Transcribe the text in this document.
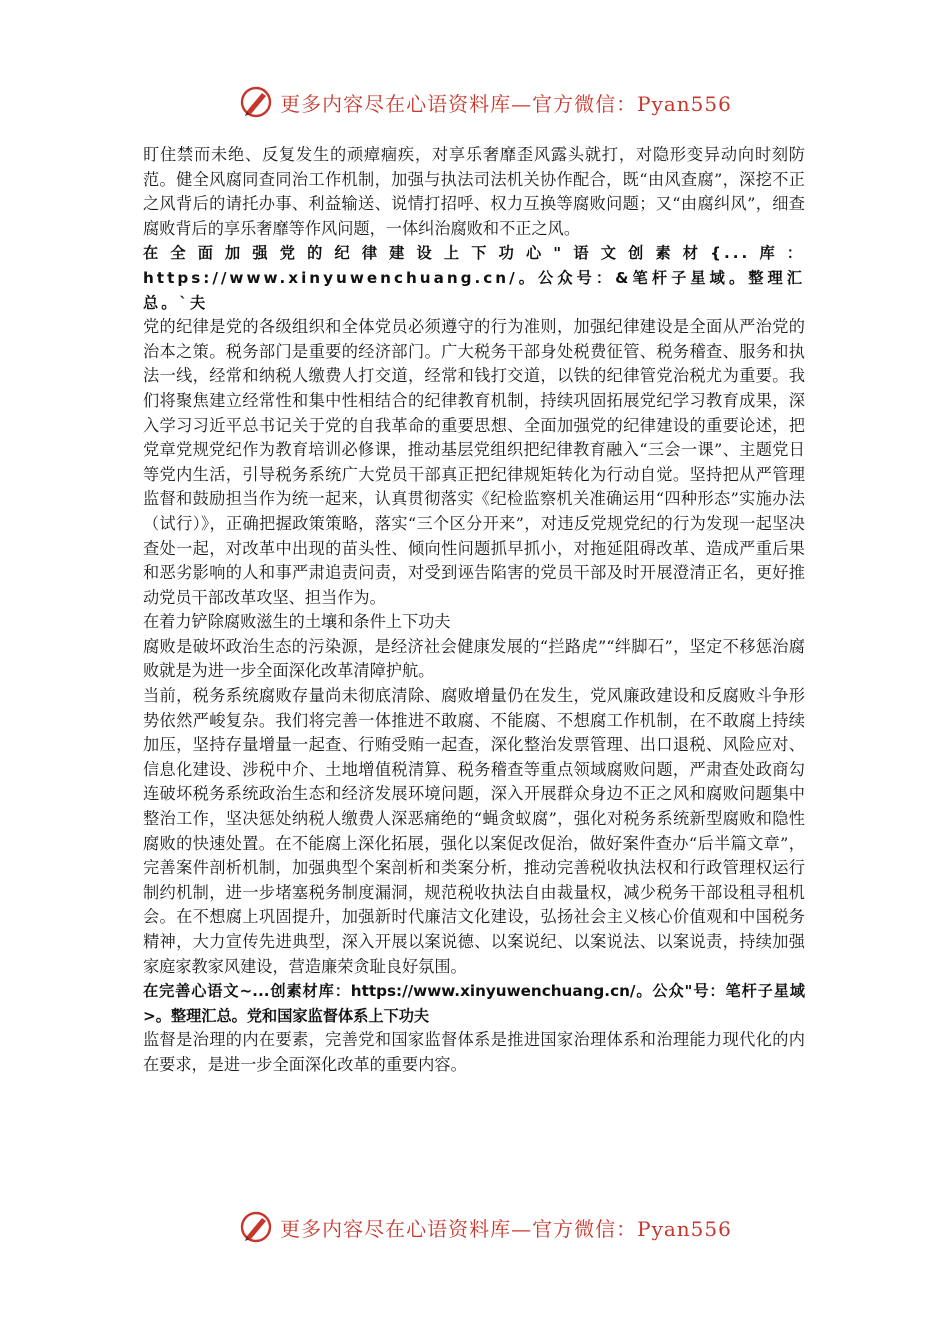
更多内容尽在心语资料库—官方微信：Pyan556

盯住禁而未绝、反复发生的顽瘴痼疾，对享乐奢靡歪风露头就打，对隐形变异动向时刻防范。健全风腐同查同治工作机制，加强与执法司法机关协作配合，既“由风查腐”，深挖不正之风背后的请托办事、利益输送、说情打招呼、权力互换等腐败问题；又“由腐纠风”，细查腐败背后的享乐奢靡等作风问题，一体纠治腐败和不正之风。

在全面加强党的纪律建设上下功心"语文创素材{...库：https://www.xinyuwenchuang.cn/。公众号：&笔杆子星域。整理汇总。`夫

党的纪律是党的各级组织和全体党员必须遵守的行为准则，加强纪律建设是全面从严治党的治本之策。税务部门是重要的经济部门。广大税务干部身处税费征管、税务稽查、服务和执法一线，经常和纳税人缴费人打交道，经常和钱打交道，以铁的纪律管党治税尤为重要。我们将聚焦建立经常性和集中性相结合的纪律教育机制，持续巩固拓展党纪学习教育成果，深入学习习近平总书记关于党的自我革命的重要思想、全面加强党的纪律建设的重要论述，把党章党规党纪作为教育培训必修课，推动基层党组织把纪律教育融入“三会一课”、主题党日等党内生活，引导税务系统广大党员干部真正把纪律规矩转化为行动自觉。坚持把从严管理监督和鼓励担当作为统一起来，认真贯彻落实《纪检监察机关准确运用“四种形态”实施办法（试行）》，正确把握政策策略，落实“三个区分开来”，对违反党规党纪的行为发现一起坚决查处一起，对改革中出现的苗头性、倾向性问题抓早抓小，对拖延阻碍改革、造成严重后果和恶劣影响的人和事严肃追责问责，对受到诬告陷害的党员干部及时开展澄清正名，更好推动党员干部改革攻坚、担当作为。

在着力铲除腐败滋生的土壤和条件上下功夫

腐败是破坏政治生态的污染源，是经济社会健康发展的“拦路虎”“绊脚石”，坚定不移惩治腐败就是为进一步全面深化改革清障护航。

当前，税务系统腐败存量尚未彻底清除、腐败增量仍在发生，党风廉政建设和反腐败斗争形势依然严峻复杂。我们将完善一体推进不敢腐、不能腐、不想腐工作机制，在不敢腐上持续加压，坚持存量增量一起查、行贿受贿一起查，深化整治发票管理、出口退税、风险应对、信息化建设、涉税中介、土地增值税清算、税务稽查等重点领域腐败问题，严肃查处政商勾连破坏税务系统政治生态和经济发展环境问题，深入开展群众身边不正之风和腐败问题集中整治工作，坚决惩处纳税人缴费人深恶痛绝的“蝇贪蚁腐”，强化对税务系统新型腐败和隐性腐败的快速处置。在不能腐上深化拓展，强化以案促改促治，做好案件查办“后半篇文章”，完善案件剖析机制，加强典型个案剖析和类案分析，推动完善税收执法权和行政管理权运行制约机制，进一步堵塞税务制度漏洞，规范税收执法自由裁量权，减少税务干部设租寻租机会。在不想腐上巩固提升，加强新时代廉洁文化建设，弘扬社会主义核心价值观和中国税务精神，大力宣传先进典型，深入开展以案说德、以案说纪、以案说法、以案说责，持续加强家庭家教家风建设，营造廉荣贪耻良好氛围。

在完善心语文~...创素材库：https://www.xinyuwenchuang.cn/。公众"号：笔杆子星域>。整理汇总。党和国家监督体系上下功夫

监督是治理的内在要素，完善党和国家监督体系是推进国家治理体系和治理能力现代化的内在要求，是进一步全面深化改革的重要内容。

更多内容尽在心语资料库—官方微信：Pyan556
